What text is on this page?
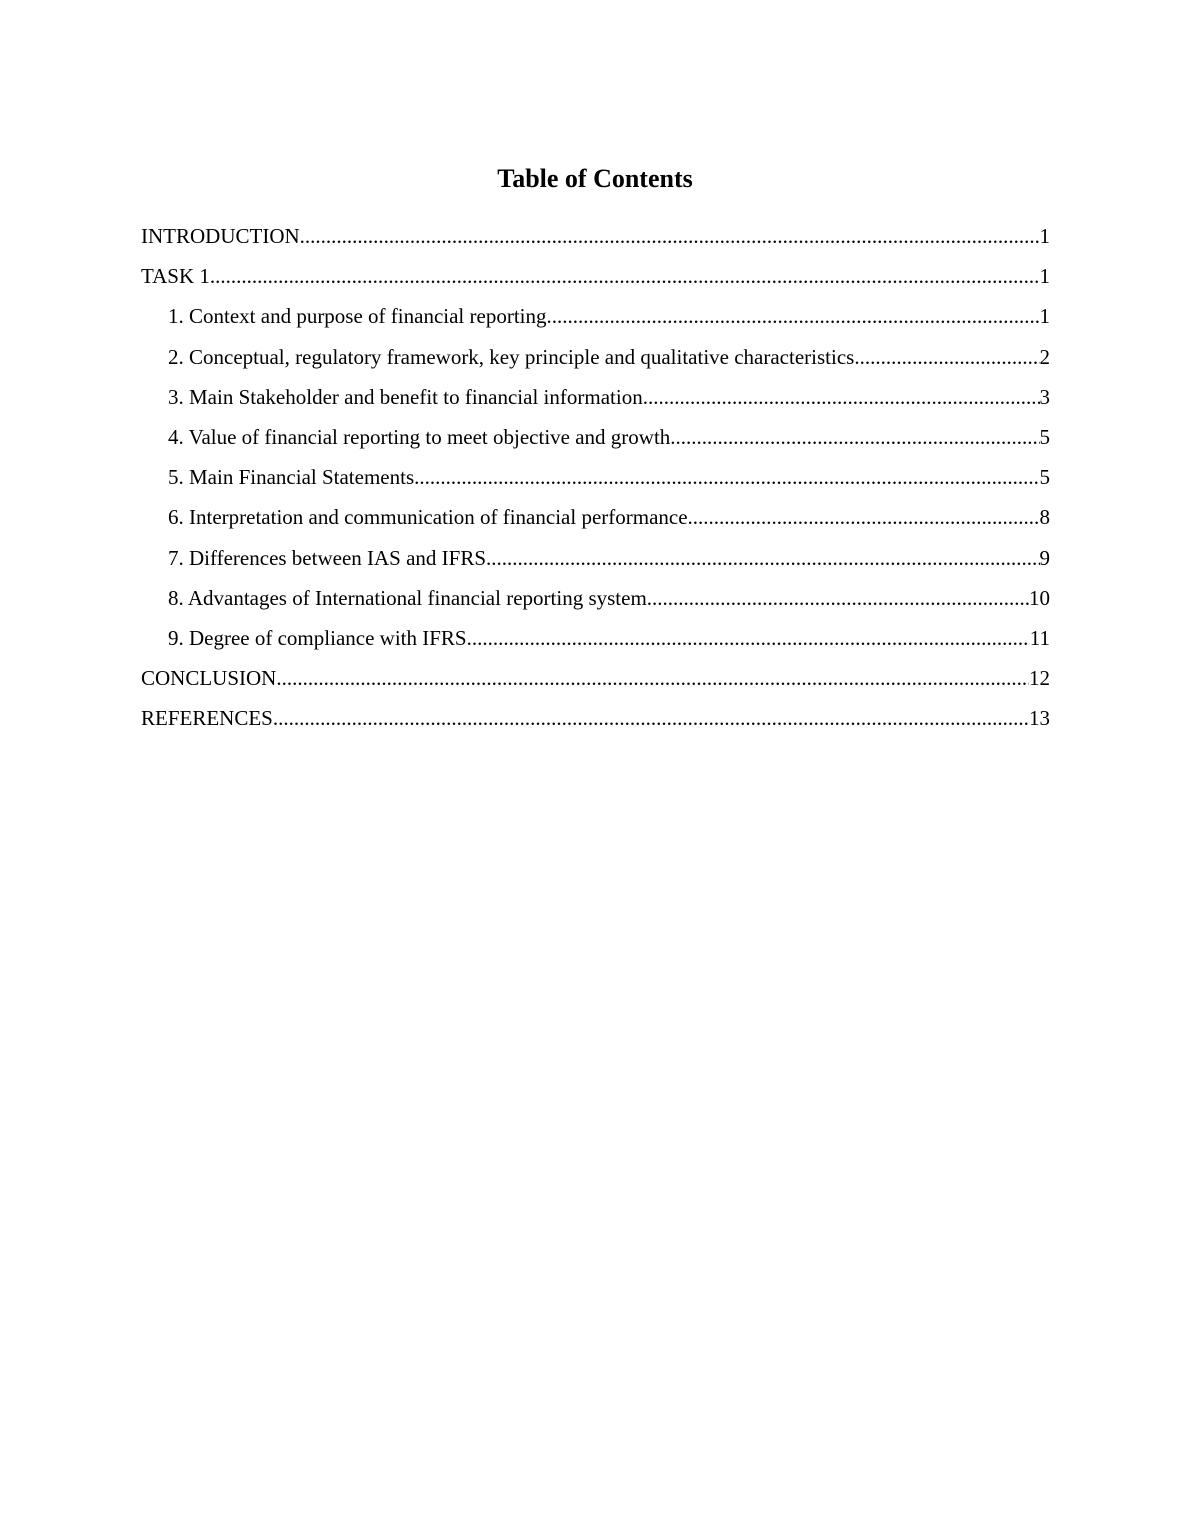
Table of Contents
INTRODUCTION .....	1
TASK 1 .....	1
1. Context and purpose of financial reporting .....	1
2. Conceptual, regulatory framework, key principle and qualitative characteristics .....	2
3. Main Stakeholder and benefit to financial information .....	3
4. Value of financial reporting to meet objective and growth .....	5
5. Main Financial Statements .....	5
6. Interpretation and communication of financial performance .....	8
7. Differences between IAS and IFRS .....	9
8. Advantages of International financial reporting system .....	10
9. Degree of compliance with IFRS .....	11
CONCLUSION .....	12
REFERENCES .....	13
